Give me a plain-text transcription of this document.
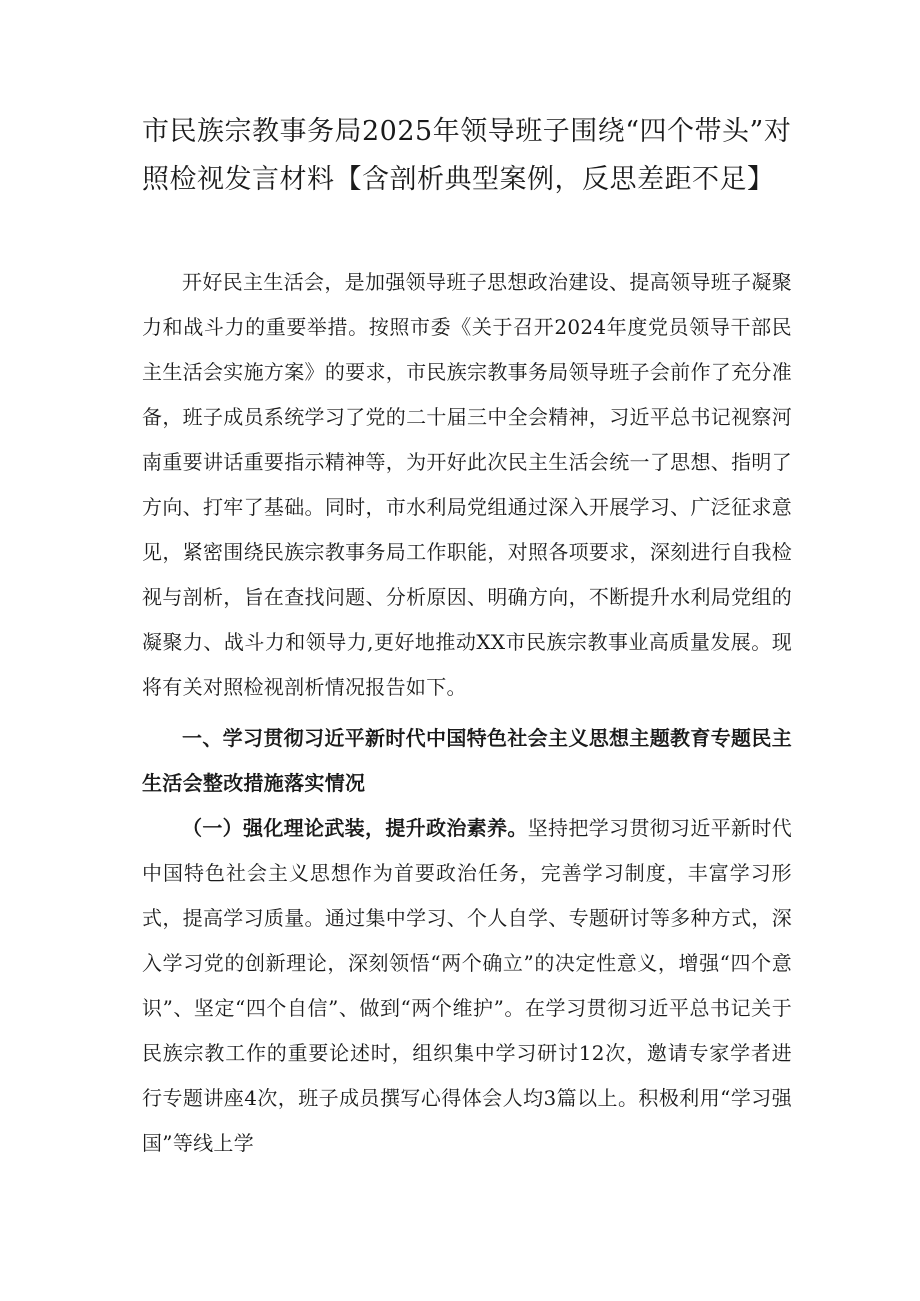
市民族宗教事务局2025年领导班子围绕“四个带头”对照检视发言材料【含剖析典型案例，反思差距不足】

开好民主生活会，是加强领导班子思想政治建设、提高领导班子凝聚力和战斗力的重要举措。按照市委《关于召开2024年度党员领导干部民主生活会实施方案》的要求，市民族宗教事务局领导班子会前作了充分准备，班子成员系统学习了党的二十届三中全会精神，习近平总书记视察河南重要讲话重要指示精神等，为开好此次民主生活会统一了思想、指明了方向、打牢了基础。同时，市水利局党组通过深入开展学习、广泛征求意见，紧密围绕民族宗教事务局工作职能，对照各项要求，深刻进行自我检视与剖析，旨在查找问题、分析原因、明确方向，不断提升水利局党组的凝聚力、战斗力和领导力,更好地推动XX市民族宗教事业高质量发展。现将有关对照检视剖析情况报告如下。

一、学习贯彻习近平新时代中国特色社会主义思想主题教育专题民主生活会整改措施落实情况

（一）强化理论武装，提升政治素养。坚持把学习贯彻习近平新时代中国特色社会主义思想作为首要政治任务，完善学习制度，丰富学习形式，提高学习质量。通过集中学习、个人自学、专题研讨等多种方式，深入学习党的创新理论，深刻领悟“两个确立”的决定性意义，增强“四个意识”、坚定“四个自信”、做到“两个维护”。在学习贯彻习近平总书记关于民族宗教工作的重要论述时，组织集中学习研讨12次，邀请专家学者进行专题讲座4次，班子成员撰写心得体会人均3篇以上。积极利用“学习强国”等线上学
